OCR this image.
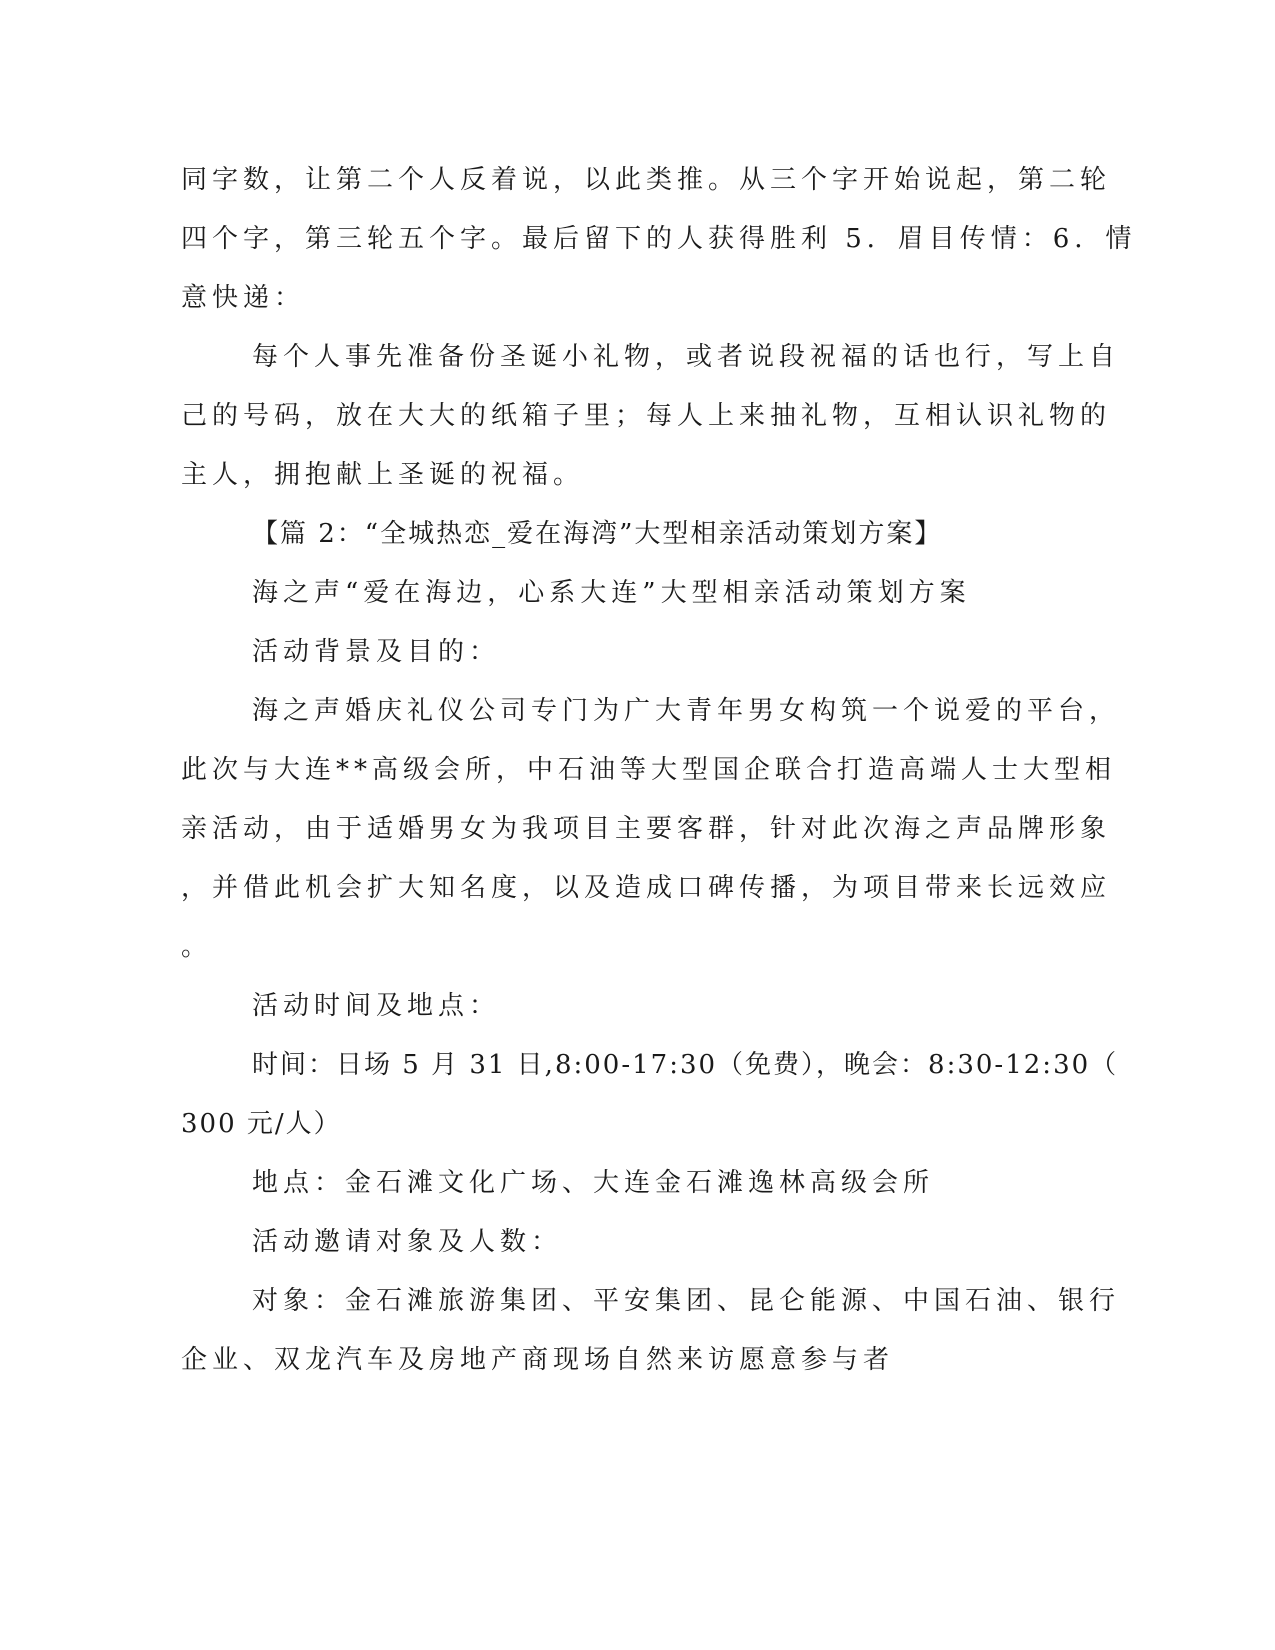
同字数，让第二个人反着说，以此类推。从三个字开始说起，第二轮
四个字，第三轮五个字。最后留下的人获得胜利 5．眉目传情：6．情
意快递：
每个人事先准备份圣诞小礼物，或者说段祝福的话也行，写上自
己的号码，放在大大的纸箱子里；每人上来抽礼物，互相认识礼物的
主人，拥抱献上圣诞的祝福。
【篇 2：“全城热恋_爱在海湾”大型相亲活动策划方案】
海之声“爱在海边，心系大连”大型相亲活动策划方案
活动背景及目的：
海之声婚庆礼仪公司专门为广大青年男女构筑一个说爱的平台，
此次与大连**高级会所，中石油等大型国企联合打造高端人士大型相
亲活动，由于适婚男女为我项目主要客群，针对此次海之声品牌形象
，并借此机会扩大知名度，以及造成口碑传播，为项目带来长远效应
。
活动时间及地点：
时间：日场 5 月 31 日,8:00-17:30（免费），晚会：8:30-12:30（
300 元/人）
地点：金石滩文化广场、大连金石滩逸林高级会所
活动邀请对象及人数：
对象：金石滩旅游集团、平安集团、昆仑能源、中国石油、银行
企业、双龙汽车及房地产商现场自然来访愿意参与者
